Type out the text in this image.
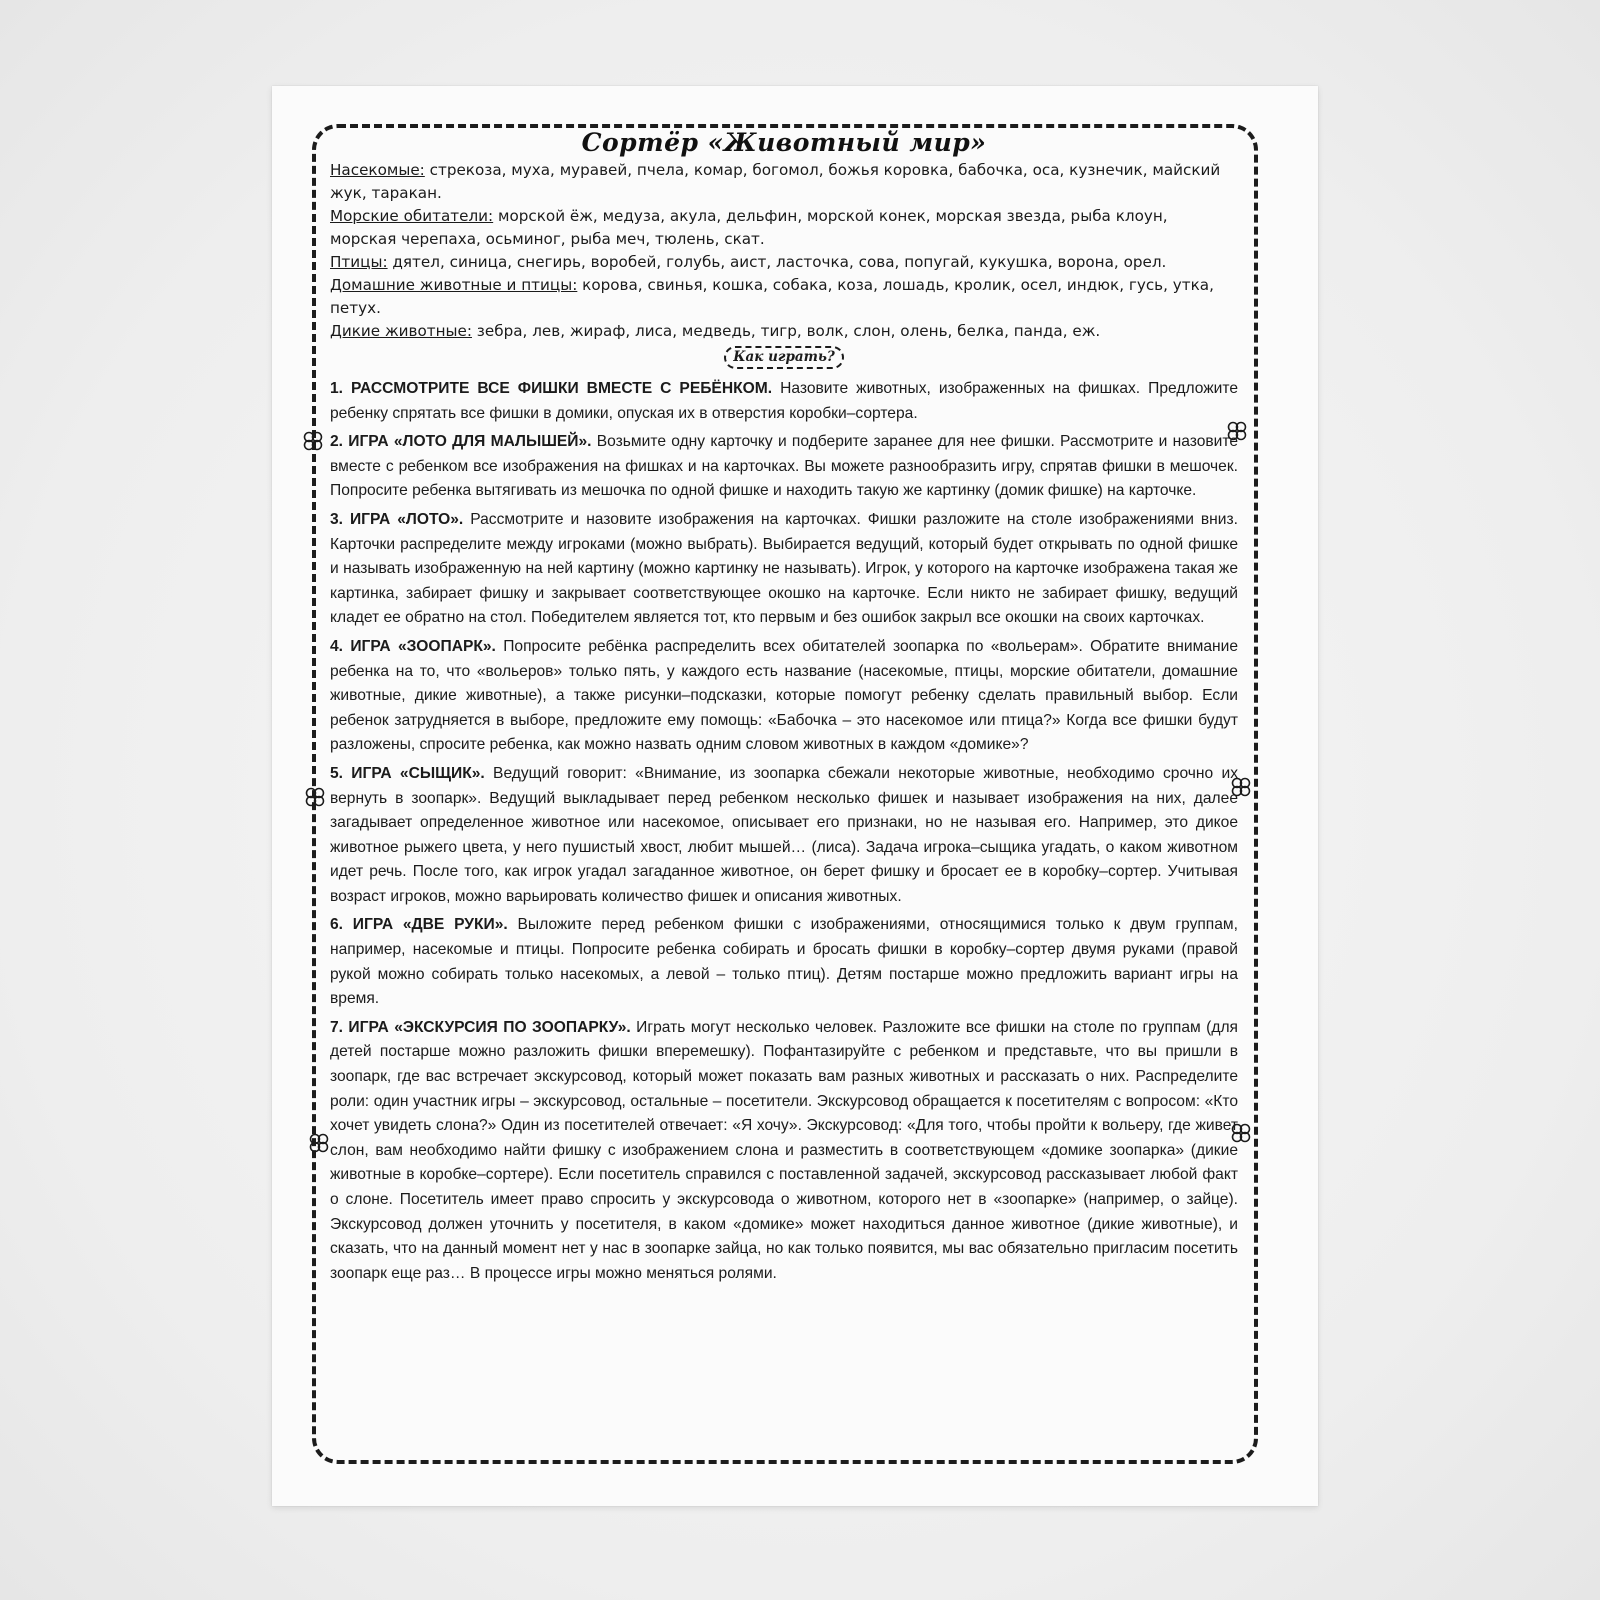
Сортёр «Животный мир»

Насекомые: стрекоза, муха, муравей, пчела, комар, богомол, божья коровка, бабочка, оса, кузнечик, майский жук, таракан.

Морские обитатели: морской ёж, медуза, акула, дельфин, морской конек, морская звезда, рыба клоун, морская черепаха, осьминог, рыба меч, тюлень, скат.

Птицы: дятел, синица, снегирь, воробей, голубь, аист, ласточка, сова, попугай, кукушка, ворона, орел.

Домашние животные и птицы: корова, свинья, кошка, собака, коза, лошадь, кролик, осел, индюк, гусь, утка, петух.

Дикие животные: зебра, лев, жираф, лиса, медведь, тигр, волк, слон, олень, белка, панда, еж.

Как играть?

1. РАССМОТРИТЕ ВСЕ ФИШКИ ВМЕСТЕ С РЕБЁНКОМ. Назовите животных, изображенных на фишках. Предложите ребенку спрятать все фишки в домики, опуская их в отверстия коробки–сортера.

2. ИГРА «ЛОТО ДЛЯ МАЛЫШЕЙ». Возьмите одну карточку и подберите заранее для нее фишки. Рассмотрите и назовите вместе с ребенком все изображения на фишках и на карточках. Вы можете разнообразить игру, спрятав фишки в мешочек. Попросите ребенка вытягивать из мешочка по одной фишке и находить такую же картинку (домик фишке) на карточке.

3. ИГРА «ЛОТО». Рассмотрите и назовите изображения на карточках. Фишки разложите на столе изображениями вниз. Карточки распределите между игроками (можно выбрать). Выбирается ведущий, который будет открывать по одной фишке и называть изображенную на ней картину (можно картинку не называть). Игрок, у которого на карточке изображена такая же картинка, забирает фишку и закрывает соответствующее окошко на карточке. Если никто не забирает фишку, ведущий кладет ее обратно на стол. Победителем является тот, кто первым и без ошибок закрыл все окошки на своих карточках.

4. ИГРА «ЗООПАРК». Попросите ребёнка распределить всех обитателей зоопарка по «вольерам». Обратите внимание ребенка на то, что «вольеров» только пять, у каждого есть название (насекомые, птицы, морские обитатели, домашние животные, дикие животные), а также рисунки–подсказки, которые помогут ребенку сделать правильный выбор. Если ребенок затрудняется в выборе, предложите ему помощь: «Бабочка – это насекомое или птица?» Когда все фишки будут разложены, спросите ребенка, как можно назвать одним словом животных в каждом «домике»?

5. ИГРА «СЫЩИК». Ведущий говорит: «Внимание, из зоопарка сбежали некоторые животные, необходимо срочно их вернуть в зоопарк». Ведущий выкладывает перед ребенком несколько фишек и называет изображения на них, далее загадывает определенное животное или насекомое, описывает его признаки, но не называя его. Например, это дикое животное рыжего цвета, у него пушистый хвост, любит мышей… (лиса). Задача игрока–сыщика угадать, о каком животном идет речь. После того, как игрок угадал загаданное животное, он берет фишку и бросает ее в коробку–сортер. Учитывая возраст игроков, можно варьировать количество фишек и описания животных.

6. ИГРА «ДВЕ РУКИ». Выложите перед ребенком фишки с изображениями, относящимися только к двум группам, например, насекомые и птицы. Попросите ребенка собирать и бросать фишки в коробку–сортер двумя руками (правой рукой можно собирать только насекомых, а левой – только птиц). Детям постарше можно предложить вариант игры на время.

7. ИГРА «ЭКСКУРСИЯ ПО ЗООПАРКУ». Играть могут несколько человек. Разложите все фишки на столе по группам (для детей постарше можно разложить фишки вперемешку). Пофантазируйте с ребенком и представьте, что вы пришли в зоопарк, где вас встречает экскурсовод, который может показать вам разных животных и рассказать о них. Распределите роли: один участник игры – экскурсовод, остальные – посетители. Экскурсовод обращается к посетителям с вопросом: «Кто хочет увидеть слона?» Один из посетителей отвечает: «Я хочу». Экскурсовод: «Для того, чтобы пройти к вольеру, где живет слон, вам необходимо найти фишку с изображением слона и разместить в соответствующем «домике зоопарка» (дикие животные в коробке–сортере). Если посетитель справился с поставленной задачей, экскурсовод рассказывает любой факт о слоне. Посетитель имеет право спросить у экскурсовода о животном, которого нет в «зоопарке» (например, о зайце). Экскурсовод должен уточнить у посетителя, в каком «домике» может находиться данное животное (дикие животные), и сказать, что на данный момент нет у нас в зоопарке зайца, но как только появится, мы вас обязательно пригласим посетить зоопарк еще раз… В процессе игры можно меняться ролями.
